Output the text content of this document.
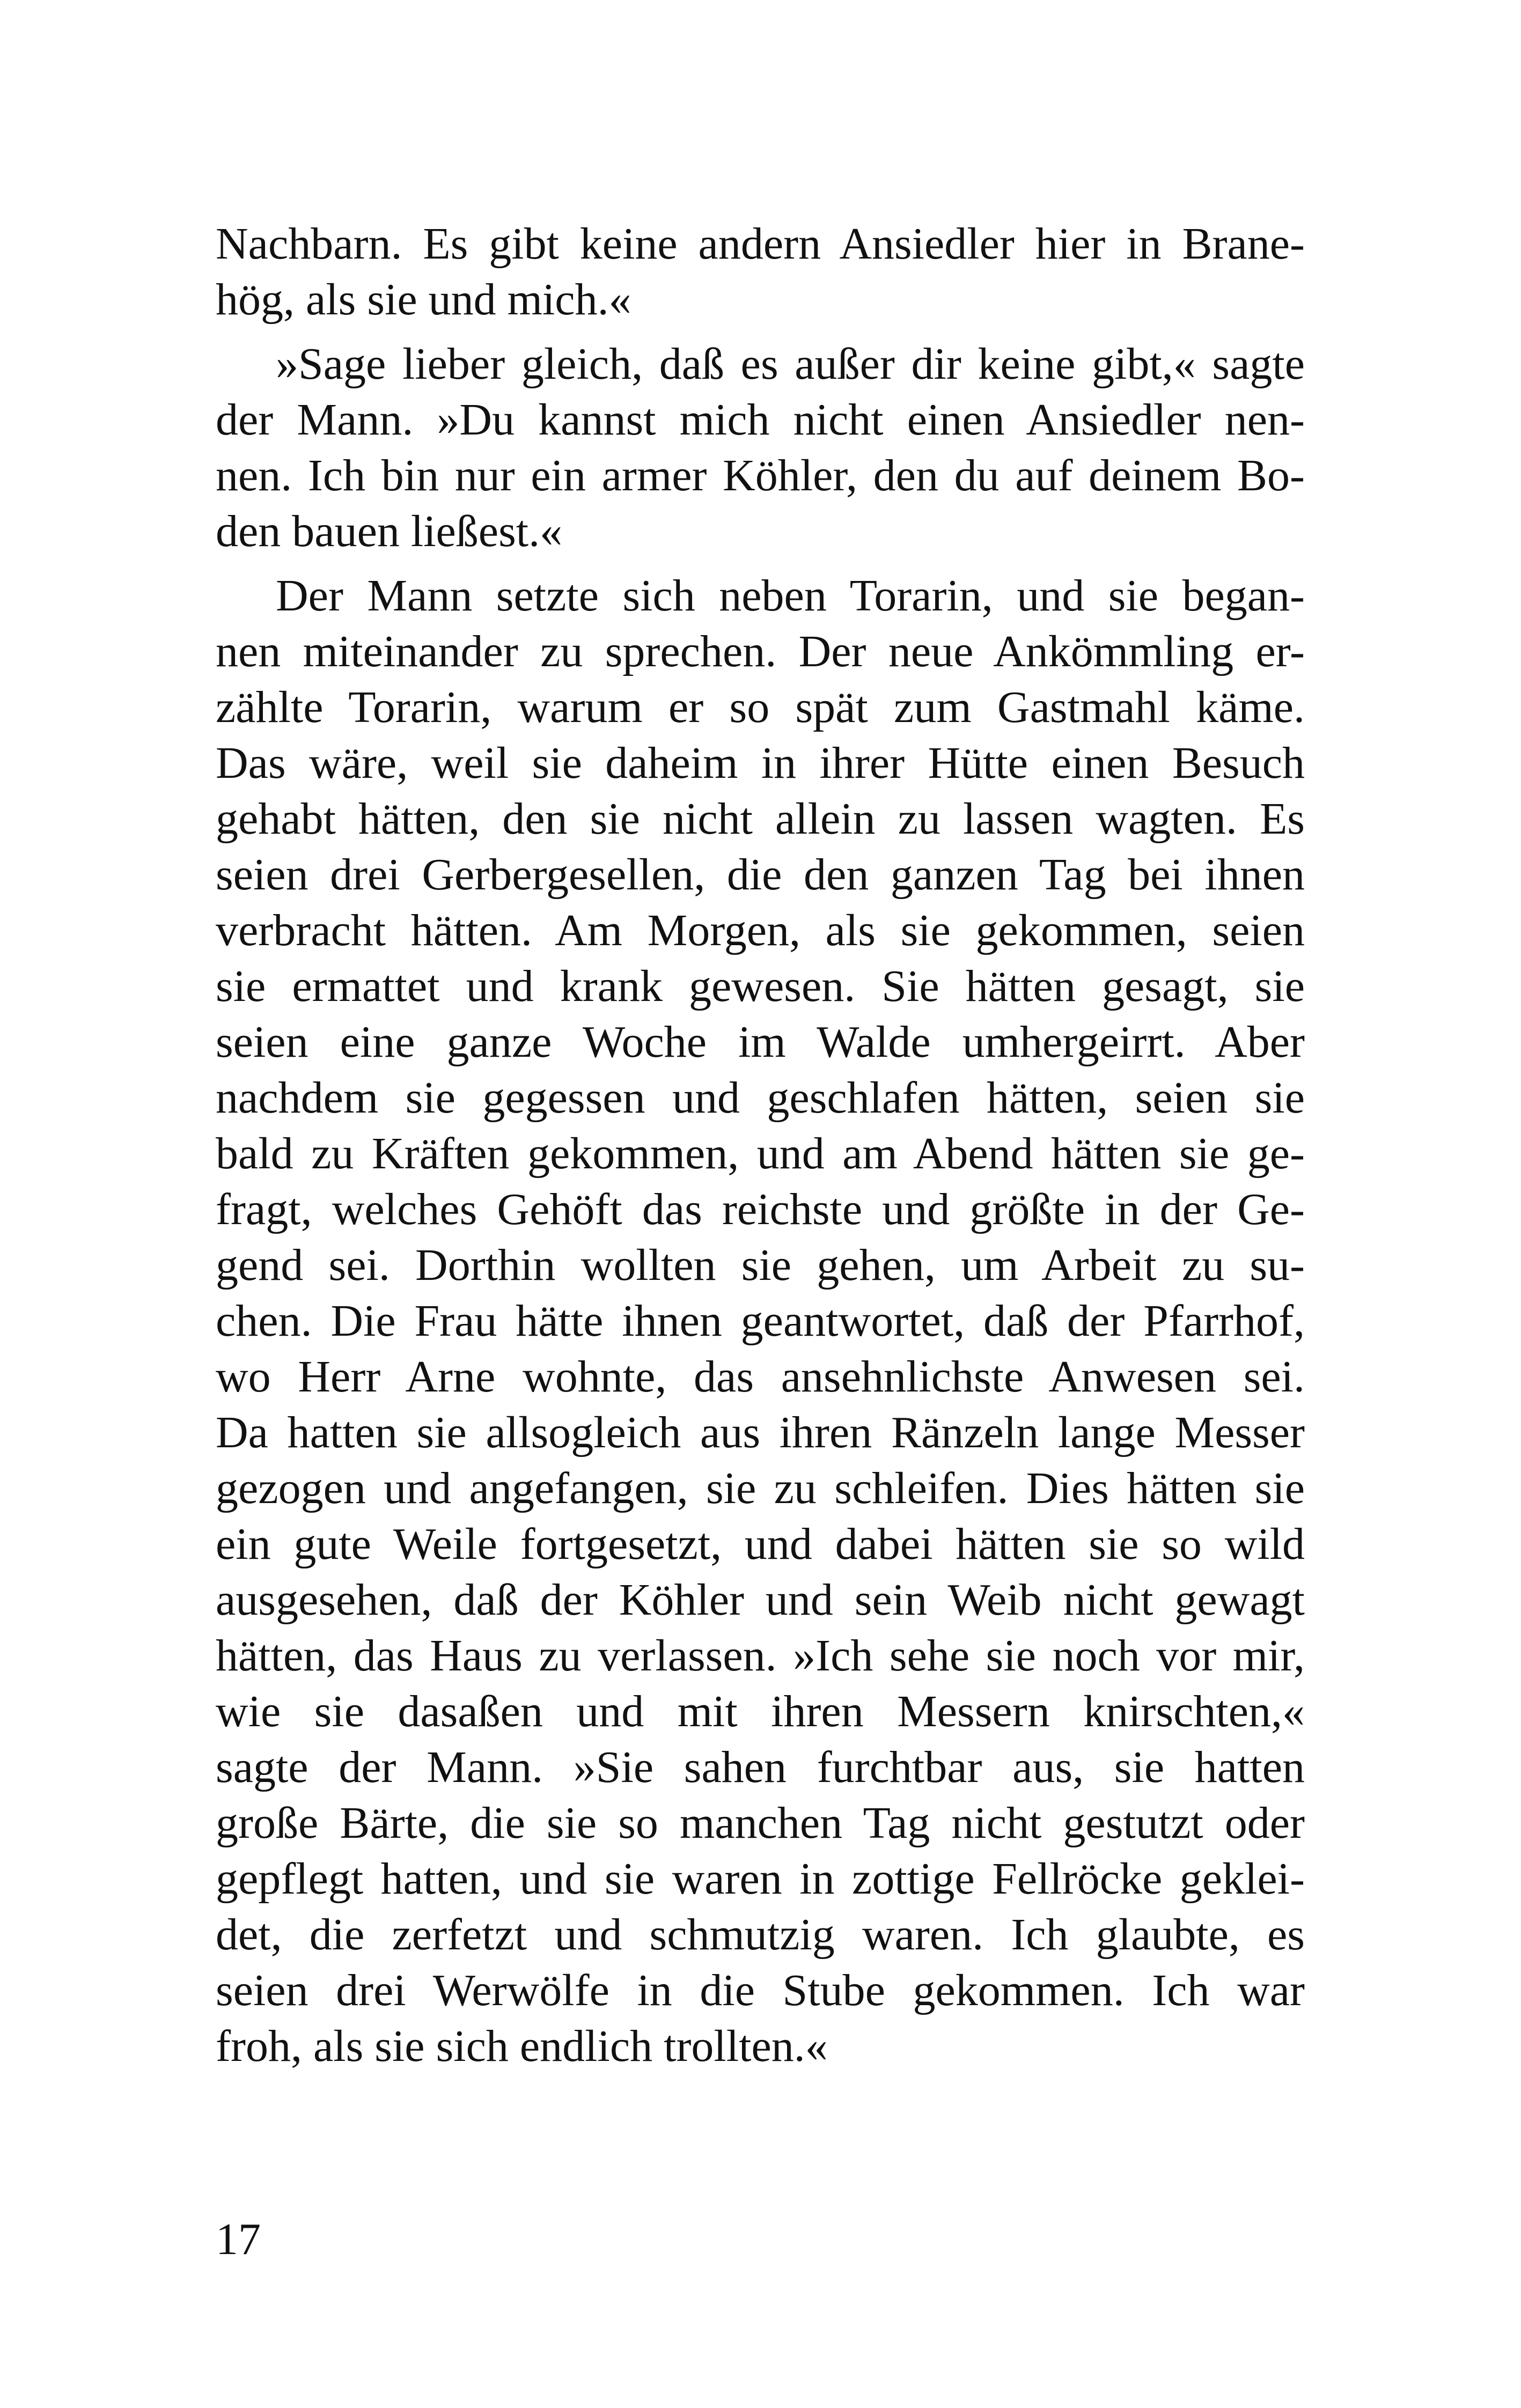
Nachbarn. Es gibt keine andern Ansiedler hier in Brane-
hög, als sie und mich.«
»Sage lieber gleich, daß es außer dir keine gibt,« sagte
der Mann. »Du kannst mich nicht einen Ansiedler nen-
nen. Ich bin nur ein armer Köhler, den du auf deinem Bo-
den bauen ließest.«
Der Mann setzte sich neben Torarin, und sie began-
nen miteinander zu sprechen. Der neue Ankömmling er-
zählte Torarin, warum er so spät zum Gastmahl käme.
Das wäre, weil sie daheim in ihrer Hütte einen Besuch
gehabt hätten, den sie nicht allein zu lassen wagten. Es
seien drei Gerbergesellen, die den ganzen Tag bei ihnen
verbracht hätten. Am Morgen, als sie gekommen, seien
sie ermattet und krank gewesen. Sie hätten gesagt, sie
seien eine ganze Woche im Walde umhergeirrt. Aber
nachdem sie gegessen und geschlafen hätten, seien sie
bald zu Kräften gekommen, und am Abend hätten sie ge-
fragt, welches Gehöft das reichste und größte in der Ge-
gend sei. Dorthin wollten sie gehen, um Arbeit zu su-
chen. Die Frau hätte ihnen geantwortet, daß der Pfarrhof,
wo Herr Arne wohnte, das ansehnlichste Anwesen sei.
Da hatten sie allsogleich aus ihren Ränzeln lange Messer
gezogen und angefangen, sie zu schleifen. Dies hätten sie
ein gute Weile fortgesetzt, und dabei hätten sie so wild
ausgesehen, daß der Köhler und sein Weib nicht gewagt
hätten, das Haus zu verlassen. »Ich sehe sie noch vor mir,
wie sie dasaßen und mit ihren Messern knirschten,«
sagte der Mann. »Sie sahen furchtbar aus, sie hatten
große Bärte, die sie so manchen Tag nicht gestutzt oder
gepflegt hatten, und sie waren in zottige Fellröcke geklei-
det, die zerfetzt und schmutzig waren. Ich glaubte, es
seien drei Werwölfe in die Stube gekommen. Ich war
froh, als sie sich endlich trollten.«
17
